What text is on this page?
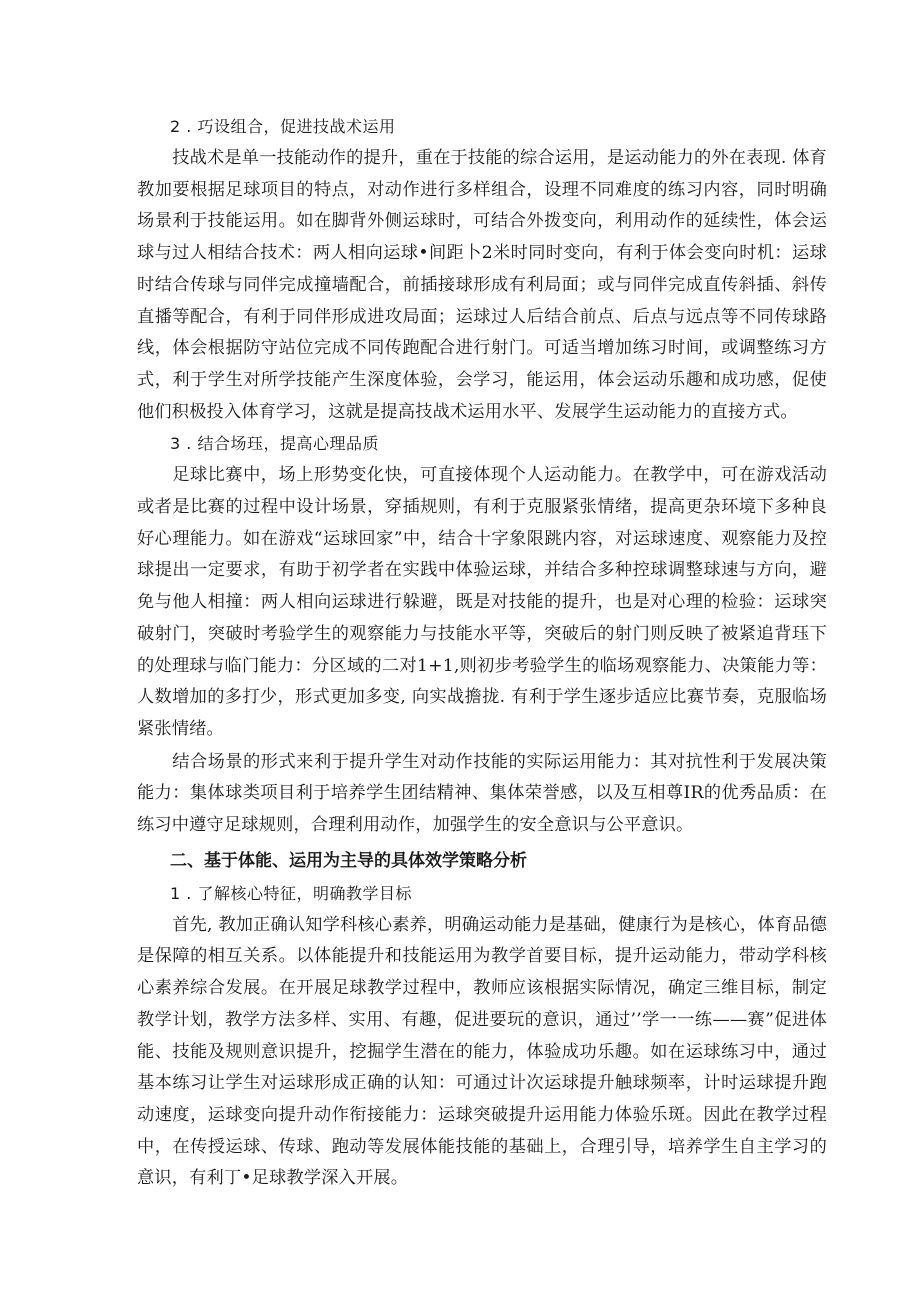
2 . 巧设组合，促进技战术运用

技战术是单一技能动作的提升，重在于技能的综合运用，是运动能力的外在表现. 体育教加要根据足球项目的特点，对动作进行多样组合，设理不同难度的练习内容，同时明确场景利于技能运用。如在脚背外侧运球时，可结合外拨变向，利用动作的延续性，体会运球与过人相结合技术：两人相向运球•间距卜2米时同时变向，有利于体会变向时机：运球时结合传球与同伴完成撞墙配合，前插接球形成有利局面；或与同伴完成直传斜插、斜传直播等配合，有利于同伴形成进攻局面；运球过人后结合前点、后点与远点等不同传球路线，体会根据防守站位完成不同传跑配合进行射门。可适当增加练习时间，或调整练习方式，利于学生对所学技能产生深度体验，会学习，能运用，体会运动乐趣和成功感，促使他们积极投入体育学习，这就是提高技战术运用水平、发展学生运动能力的直接方式。

3 . 结合场珏，提高心理品质

足球比赛中，场上形势变化快，可直接体现个人运动能力。在教学中，可在游戏活动或者是比赛的过程中设计场景，穿插规则，有利于克服紧张情绪，提高更杂环境下多种良好心理能力。如在游戏“运球回家”中，结合十字象限跳内容，对运球速度、观察能力及控球提出一定要求，有助于初学者在实践中体验运球，并结合多种控球调整球速与方向，避免与他人相撞：两人相向运球进行躲避，既是对技能的提升，也是对心理的检验：运球突破射门，突破时考验学生的观察能力与技能水平等，突破后的射门则反映了被紧追背珏下的处理球与临门能力：分区域的二对1+1,则初步考验学生的临场观察能力、决策能力等：人数增加的多打少，形式更加多变, 向实战擔拢. 有利于学生逐步适应比赛节奏，克服临场紧张情绪。

结合场景的形式来利于提升学生对动作技能的实际运用能力：其对抗性利于发展决策能力：集体球类项目利于培养学生团结精神、集体荣誉感，以及互相尊IR的优秀品质：在练习中遵守足球规则，合理利用动作，加强学生的安全意识与公平意识。

二、基于体能、运用为主导的具体效学策略分析
1 . 了解核心特征，明确教学目标

首先, 教加正确认知学科核心素养，明确运动能力是基础，健康行为是核心，体育品德是保障的相互关系。以体能提升和技能运用为教学首要目标，提升运动能力，带动学科核心素养综合发展。在开展足球教学过程中，教师应该根据实际情况，确定三维目标，制定教学计划，教学方法多样、实用、有趣，促进要玩的意识，通过’’学一一练——赛”促进体能、技能及规则意识提升，挖掘学生潜在的能力，体验成功乐趣。如在运球练习中，通过基本练习让学生对运球形成正确的认知：可通过计次运球提升触球频率，计时运球提升跑动速度，运球变向提升动作衔接能力：运球突破提升运用能力体验乐斑。因此在教学过程中，在传授运球、传球、跑动等发展体能技能的基础上，合理引导，培养学生自主学习的意识，有利丁•足球教学深入开展。
